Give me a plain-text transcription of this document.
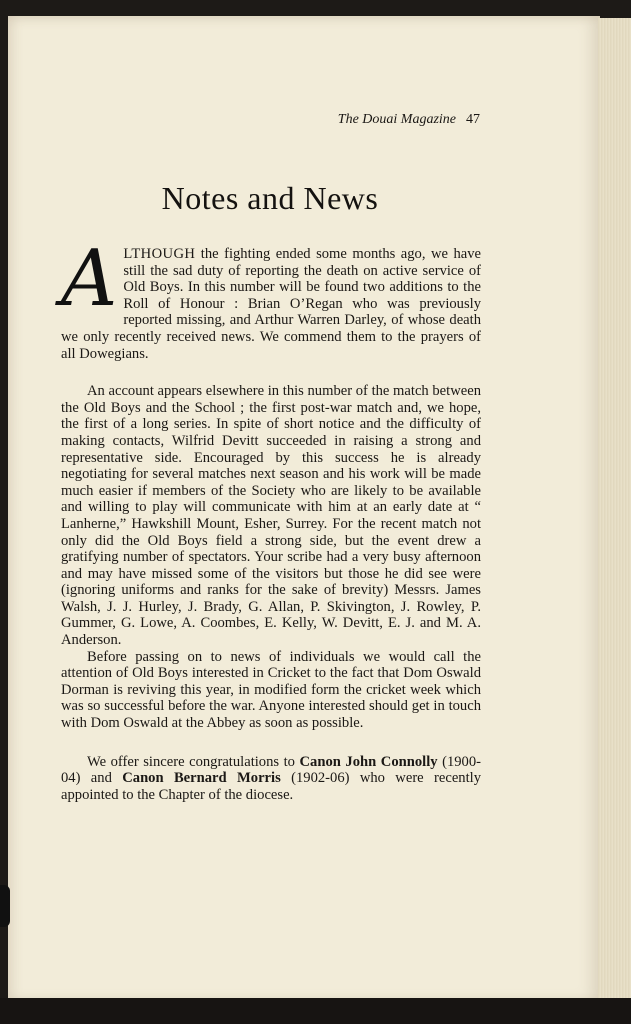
The Douai Magazine 47
Notes and News

ALTHOUGH the fighting ended some months ago, we have still the sad duty of reporting the death on active service of Old Boys. In this number will be found two additions to the Roll of Honour : Brian O’Regan who was previously reported missing, and Arthur Warren Darley, of whose death we only recently received news. We commend them to the prayers of all Dowegians.

An account appears elsewhere in this number of the match between the Old Boys and the School ; the first post-war match and, we hope, the first of a long series. In spite of short notice and the difficulty of making contacts, Wilfrid Devitt succeeded in raising a strong and representative side. Encouraged by this success he is already negotiating for several matches next season and his work will be made much easier if members of the Society who are likely to be available and willing to play will communicate with him at an early date at “ Lanherne,” Hawkshill Mount, Esher, Surrey. For the recent match not only did the Old Boys field a strong side, but the event drew a gratifying number of spectators. Your scribe had a very busy afternoon and may have missed some of the visitors but those he did see were (ignoring uniforms and ranks for the sake of brevity) Messrs. James Walsh, J. J. Hurley, J. Brady, G. Allan, P. Skivington, J. Rowley, P. Gummer, G. Lowe, A. Coombes, E. Kelly, W. Devitt, E. J. and M. A. Anderson.

Before passing on to news of individuals we would call the attention of Old Boys interested in Cricket to the fact that Dom Oswald Dorman is reviving this year, in modified form the cricket week which was so successful before the war. Anyone interested should get in touch with Dom Oswald at the Abbey as soon as possible.

We offer sincere congratulations to Canon John Connolly (1900-04) and Canon Bernard Morris (1902-06) who were recently appointed to the Chapter of the diocese.
